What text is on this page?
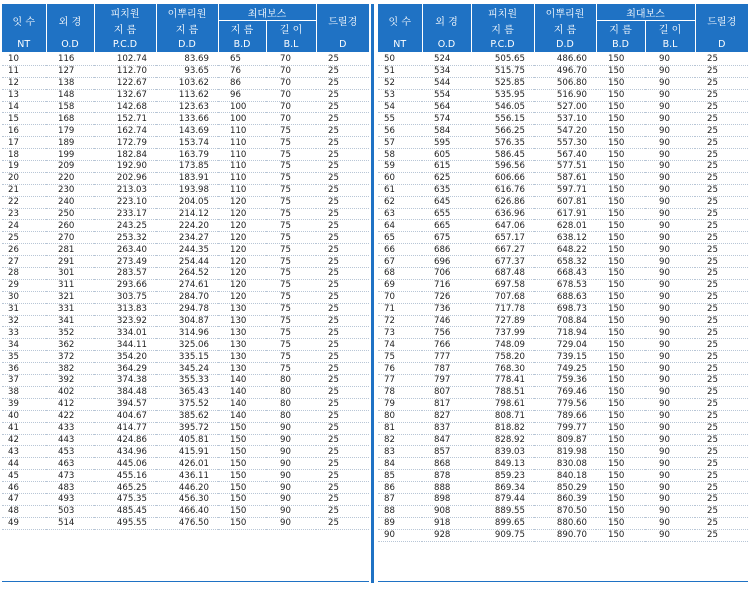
잇 수	외 경	피치원	이뿌리원	최대보스		드릴경
		지 름	지 름	지 름	길 이	
NT	O.D	P.C.D	D.D	B.D	B.L	D
10	116	102.74	83.69	65	70	25
11	127	112.70	93.65	76	70	25
12	138	122.67	103.62	86	70	25
13	148	132.67	113.62	96	70	25
14	158	142.68	123.63	100	70	25
15	168	152.71	133.66	100	70	25
16	179	162.74	143.69	110	75	25
17	189	172.79	153.74	110	75	25
18	199	182.84	163.79	110	75	25
19	209	192.90	173.85	110	75	25
20	220	202.96	183.91	110	75	25
21	230	213.03	193.98	110	75	25
22	240	223.10	204.05	120	75	25
23	250	233.17	214.12	120	75	25
24	260	243.25	224.20	120	75	25
25	270	253.32	234.27	120	75	25
26	281	263.40	244.35	120	75	25
27	291	273.49	254.44	120	75	25
28	301	283.57	264.52	120	75	25
29	311	293.66	274.61	120	75	25
30	321	303.75	284.70	120	75	25
31	331	313.83	294.78	130	75	25
32	341	323.92	304.87	130	75	25
33	352	334.01	314.96	130	75	25
34	362	344.11	325.06	130	75	25
35	372	354.20	335.15	130	75	25
36	382	364.29	345.24	130	75	25
37	392	374.38	355.33	140	80	25
38	402	384.48	365.43	140	80	25
39	412	394.57	375.52	140	80	25
40	422	404.67	385.62	140	80	25
41	433	414.77	395.72	150	90	25
42	443	424.86	405.81	150	90	25
43	453	434.96	415.91	150	90	25
44	463	445.06	426.01	150	90	25
45	473	455.16	436.11	150	90	25
46	483	465.25	446.20	150	90	25
47	493	475.35	456.30	150	90	25
48	503	485.45	466.40	150	90	25
49	514	495.55	476.50	150	90	25
잇 수	외 경	피치원	이뿌리원	최대보스		드릴경
		지 름	지 름	지 름	길 이	
NT	O.D	P.C.D	D.D	B.D	B.L	D
50	524	505.65	486.60	150	90	25
51	534	515.75	496.70	150	90	25
52	544	525.85	506.80	150	90	25
53	554	535.95	516.90	150	90	25
54	564	546.05	527.00	150	90	25
55	574	556.15	537.10	150	90	25
56	584	566.25	547.20	150	90	25
57	595	576.35	557.30	150	90	25
58	605	586.45	567.40	150	90	25
59	615	596.56	577.51	150	90	25
60	625	606.66	587.61	150	90	25
61	635	616.76	597.71	150	90	25
62	645	626.86	607.81	150	90	25
63	655	636.96	617.91	150	90	25
64	665	647.06	628.01	150	90	25
65	675	657.17	638.12	150	90	25
66	686	667.27	648.22	150	90	25
67	696	677.37	658.32	150	90	25
68	706	687.48	668.43	150	90	25
69	716	697.58	678.53	150	90	25
70	726	707.68	688.63	150	90	25
71	736	717.78	698.73	150	90	25
72	746	727.89	708.84	150	90	25
73	756	737.99	718.94	150	90	25
74	766	748.09	729.04	150	90	25
75	777	758.20	739.15	150	90	25
76	787	768.30	749.25	150	90	25
77	797	778.41	759.36	150	90	25
78	807	788.51	769.46	150	90	25
79	817	798.61	779.56	150	90	25
80	827	808.71	789.66	150	90	25
81	837	818.82	799.77	150	90	25
82	847	828.92	809.87	150	90	25
83	857	839.03	819.98	150	90	25
84	868	849.13	830.08	150	90	25
85	878	859.23	840.18	150	90	25
86	888	869.34	850.29	150	90	25
87	898	879.44	860.39	150	90	25
88	908	889.55	870.50	150	90	25
89	918	899.65	880.60	150	90	25
90	928	909.75	890.70	150	90	25
